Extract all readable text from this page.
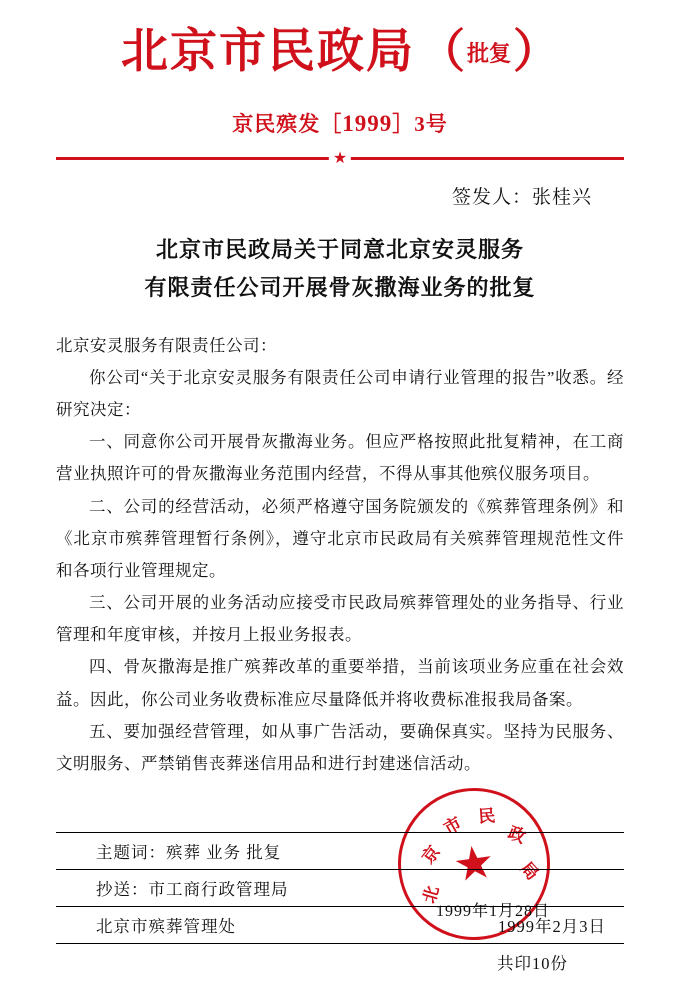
北京市民政局 （ 批复 ）
京民殡发［1999］3号
★
签发人：张桂兴
北京市民政局关于同意北京安灵服务
有限责任公司开展骨灰撒海业务的批复

北京安灵服务有限责任公司：

你公司“关于北京安灵服务有限责任公司申请行业管理的报告”收悉。经研究决定：

一、同意你公司开展骨灰撒海业务。但应严格按照此批复精神，在工商营业执照许可的骨灰撒海业务范围内经营，不得从事其他殡仪服务项目。

二、公司的经营活动，必须严格遵守国务院颁发的《殡葬管理条例》和《北京市殡葬管理暂行条例》，遵守北京市民政局有关殡葬管理规范性文件和各项行业管理规定。

三、公司开展的业务活动应接受市民政局殡葬管理处的业务指导、行业管理和年度审核，并按月上报业务报表。

四、骨灰撒海是推广殡葬改革的重要举措，当前该项业务应重在社会效益。因此，你公司业务收费标准应尽量降低并将收费标准报我局备案。

五、要加强经营管理，如从事广告活动，要确保真实。坚持为民服务、文明服务、严禁销售丧葬迷信用品和进行封建迷信活动。

北
京
市 民
政
局
★
1999年1月28日
主题词：殡葬 业务 批复
抄送：市工商行政管理局
北京市殡葬管理处	1999年2月3日
共印10份
